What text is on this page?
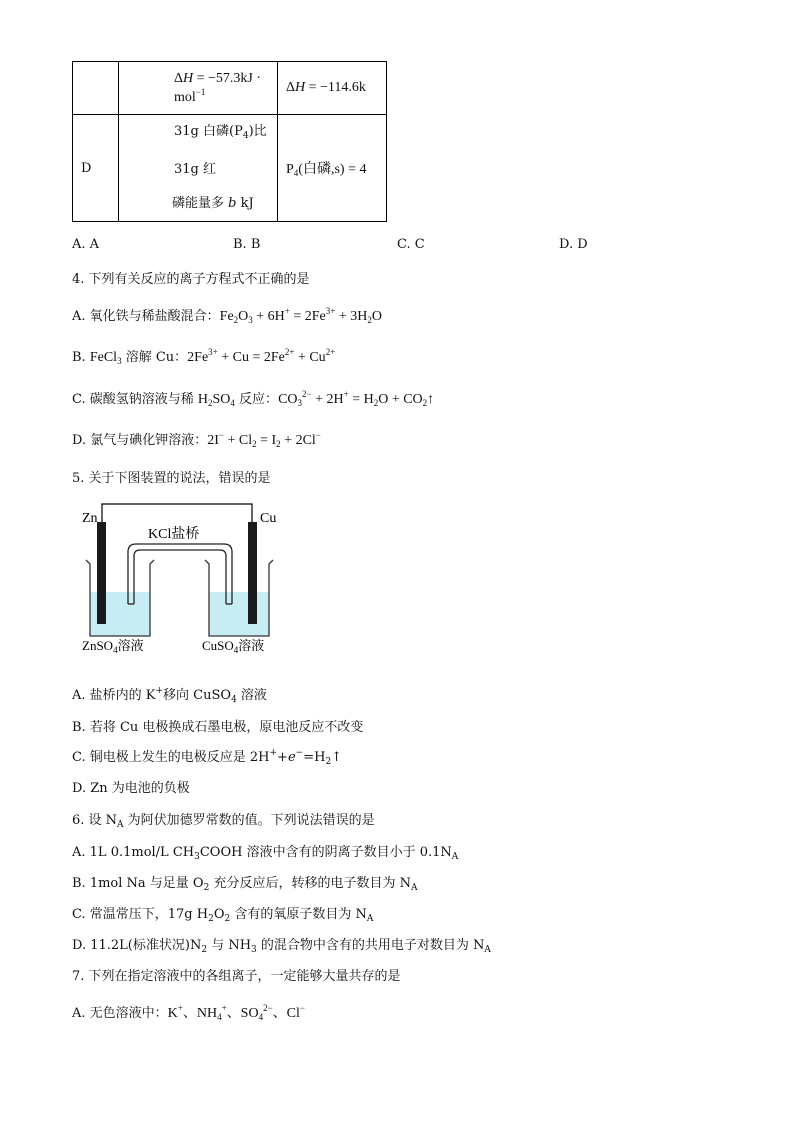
	ΔH = −57.3kJ · mol$^{-1}$	ΔH = −114.6k

D	31g 白磷$(P_4)$比 31g 红
磷能量多 b kJ	$P_4$(白磷,s) = 4
A. A	B. B	C. C	D. D
4. 下列有关反应的离子方程式不正确的是
A. 氧化铁与稀盐酸混合：$Fe_2O_3 + 6H^+ = 2Fe^{3+} + 3H_2O$
B. FeCl$_3$ 溶解 Cu：$2Fe^{3+} + Cu = 2Fe^{2+} + Cu^{2+}$
C. 碳酸氢钠溶液与稀 $H_2SO_4$ 反应：$CO_3^{2-} + 2H^+ = H_2O$ + $CO_2↑$
D. 氯气与碘化钾溶液：$2I^- + Cl_2 = I_2 + 2Cl^-$
5. 关于下图装置的说法，错误的是
Zn	Cu
KCl盐桥
ZnSO$_4$溶液	CuSO$_4$溶液
A. 盐桥内的 K+移向 CuSO$_4$ 溶液
B. 若将 Cu 电极换成石墨电极，原电池反应不改变
C. 铜电极上发生的电极反应是 $2H^++e^-=H_2↑$
D. Zn 为电池的负极
6. 设 $N_A$ 为阿伏加德罗常数的值。下列说法错误的是
A. 1L 0.1mol/L $CH_3COOH$ 溶液中含有的阴离子数目小于 $0.1N_A$
B. 1mol Na 与足量 $O_2$ 充分反应后，转移的电子数目为 $N_A$
C. 常温常压下，17g $H_2O_2$ 含有的氧原子数目为 $N_A$
D. 11.2L(标准状况)$N_2$ 与 $NH_3$ 的混合物中含有的共用电子对数目为 $N_A$
7. 下列在指定溶液中的各组离子，一定能够大量共存的是
A. 无色溶液中：K+、$NH_4^+$、$SO_4^{2-}$、Cl−
